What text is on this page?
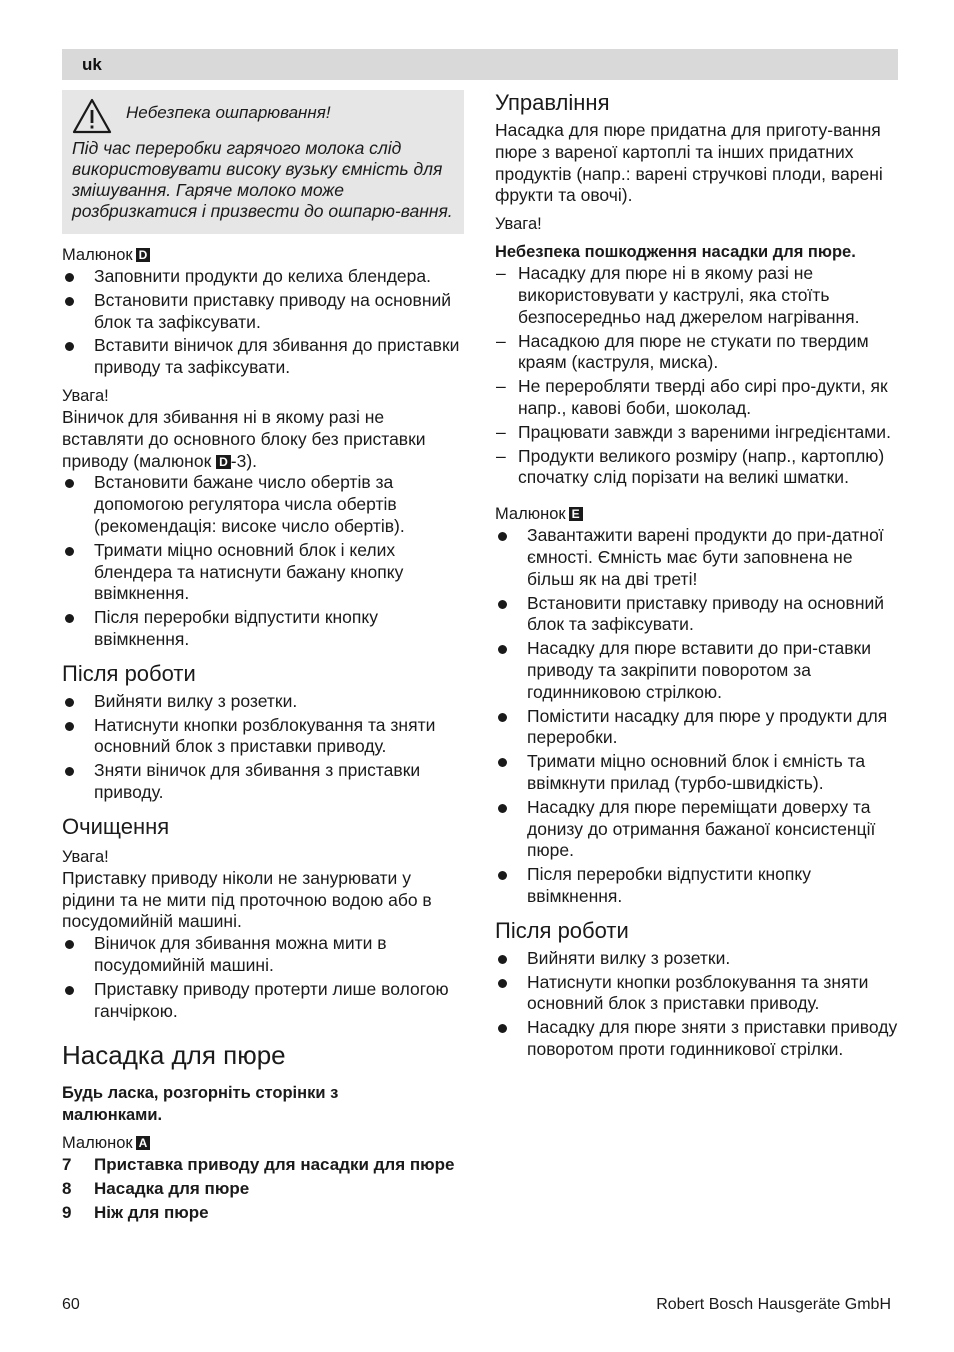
uk
Небезпека ошпарювання!
Під час переробки гарячого молока слід використовувати високу вузьку ємність для змішування. Гаряче молоко може розбризкатися і призвести до ошпарю-вання.
Малюнок D
Заповнити продукти до келиха блендера.
Встановити приставку приводу на основний блок та зафіксувати.
Вставити віничок для збивання до приставки приводу та зафіксувати.
Увага!
Віничок для збивання ні в якому разі не вставляти до основного блоку без приставки приводу (малюнок D -3).
Встановити бажане число обертів за допомогою регулятора числа обертів (рекомендація: високе число обертів).
Тримати міцно основний блок і келих блендера та натиснути бажану кнопку ввімкнення.
Після переробки відпустити кнопку ввімкнення.
Після роботи
Вийняти вилку з розетки.
Натиснути кнопки розблокування та зняти основний блок з приставки приводу.
Зняти віничок для збивання з приставки приводу.
Очищення
Увага!
Приставку приводу ніколи не занурювати у рідини та не мити під проточною водою або в посудомийній машині.
Віничок для збивання можна мити в посудомийній машині.
Приставку приводу протерти лише вологою ганчіркою.
Насадка для пюре
Будь ласка, розгорніть сторінки з малюнками.
Малюнок A
7 Приставка приводу для насадки для пюре
8 Насадка для пюре
9 Ніж для пюре
Управління
Насадка для пюре придатна для приготу-вання пюре з вареної картоплі та інших придатних продуктів (напр.: варені стручкові плоди, варені фрукти та овочі).
Увага!
Небезпека пошкодження насадки для пюре.
– Насадку для пюре ні в якому разі не використовувати у каструлі, яка стоїть безпосередньо над джерелом нагрівання.
– Насадкою для пюре не стукати по твердим краям (каструля, миска).
– Не переробляти тверді або сирі про-дукти, як напр., кавові боби, шоколад.
– Працювати завжди з вареними інгредієнтами.
– Продукти великого розміру (напр., картоплю) спочатку слід порізати на великі шматки.
Малюнок E
Завантажити варені продукти до при-датної ємності. Ємність має бути заповнена не більш як на дві треті!
Встановити приставку приводу на основний блок та зафіксувати.
Насадку для пюре вставити до при-ставки приводу та закріпити поворотом за годинниковою стрілкою.
Помістити насадку для пюре у продукти для переробки.
Тримати міцно основний блок і ємність та ввімкнути прилад (турбо-швидкість).
Насадку для пюре переміщати доверху та донизу до отримання бажаної консистенції пюре.
Після переробки відпустити кнопку ввімкнення.
Після роботи
Вийняти вилку з розетки.
Натиснути кнопки розблокування та зняти основний блок з приставки приводу.
Насадку для пюре зняти з приставки приводу поворотом проти годинникової стрілки.
60	Robert Bosch Hausgeräte GmbH
